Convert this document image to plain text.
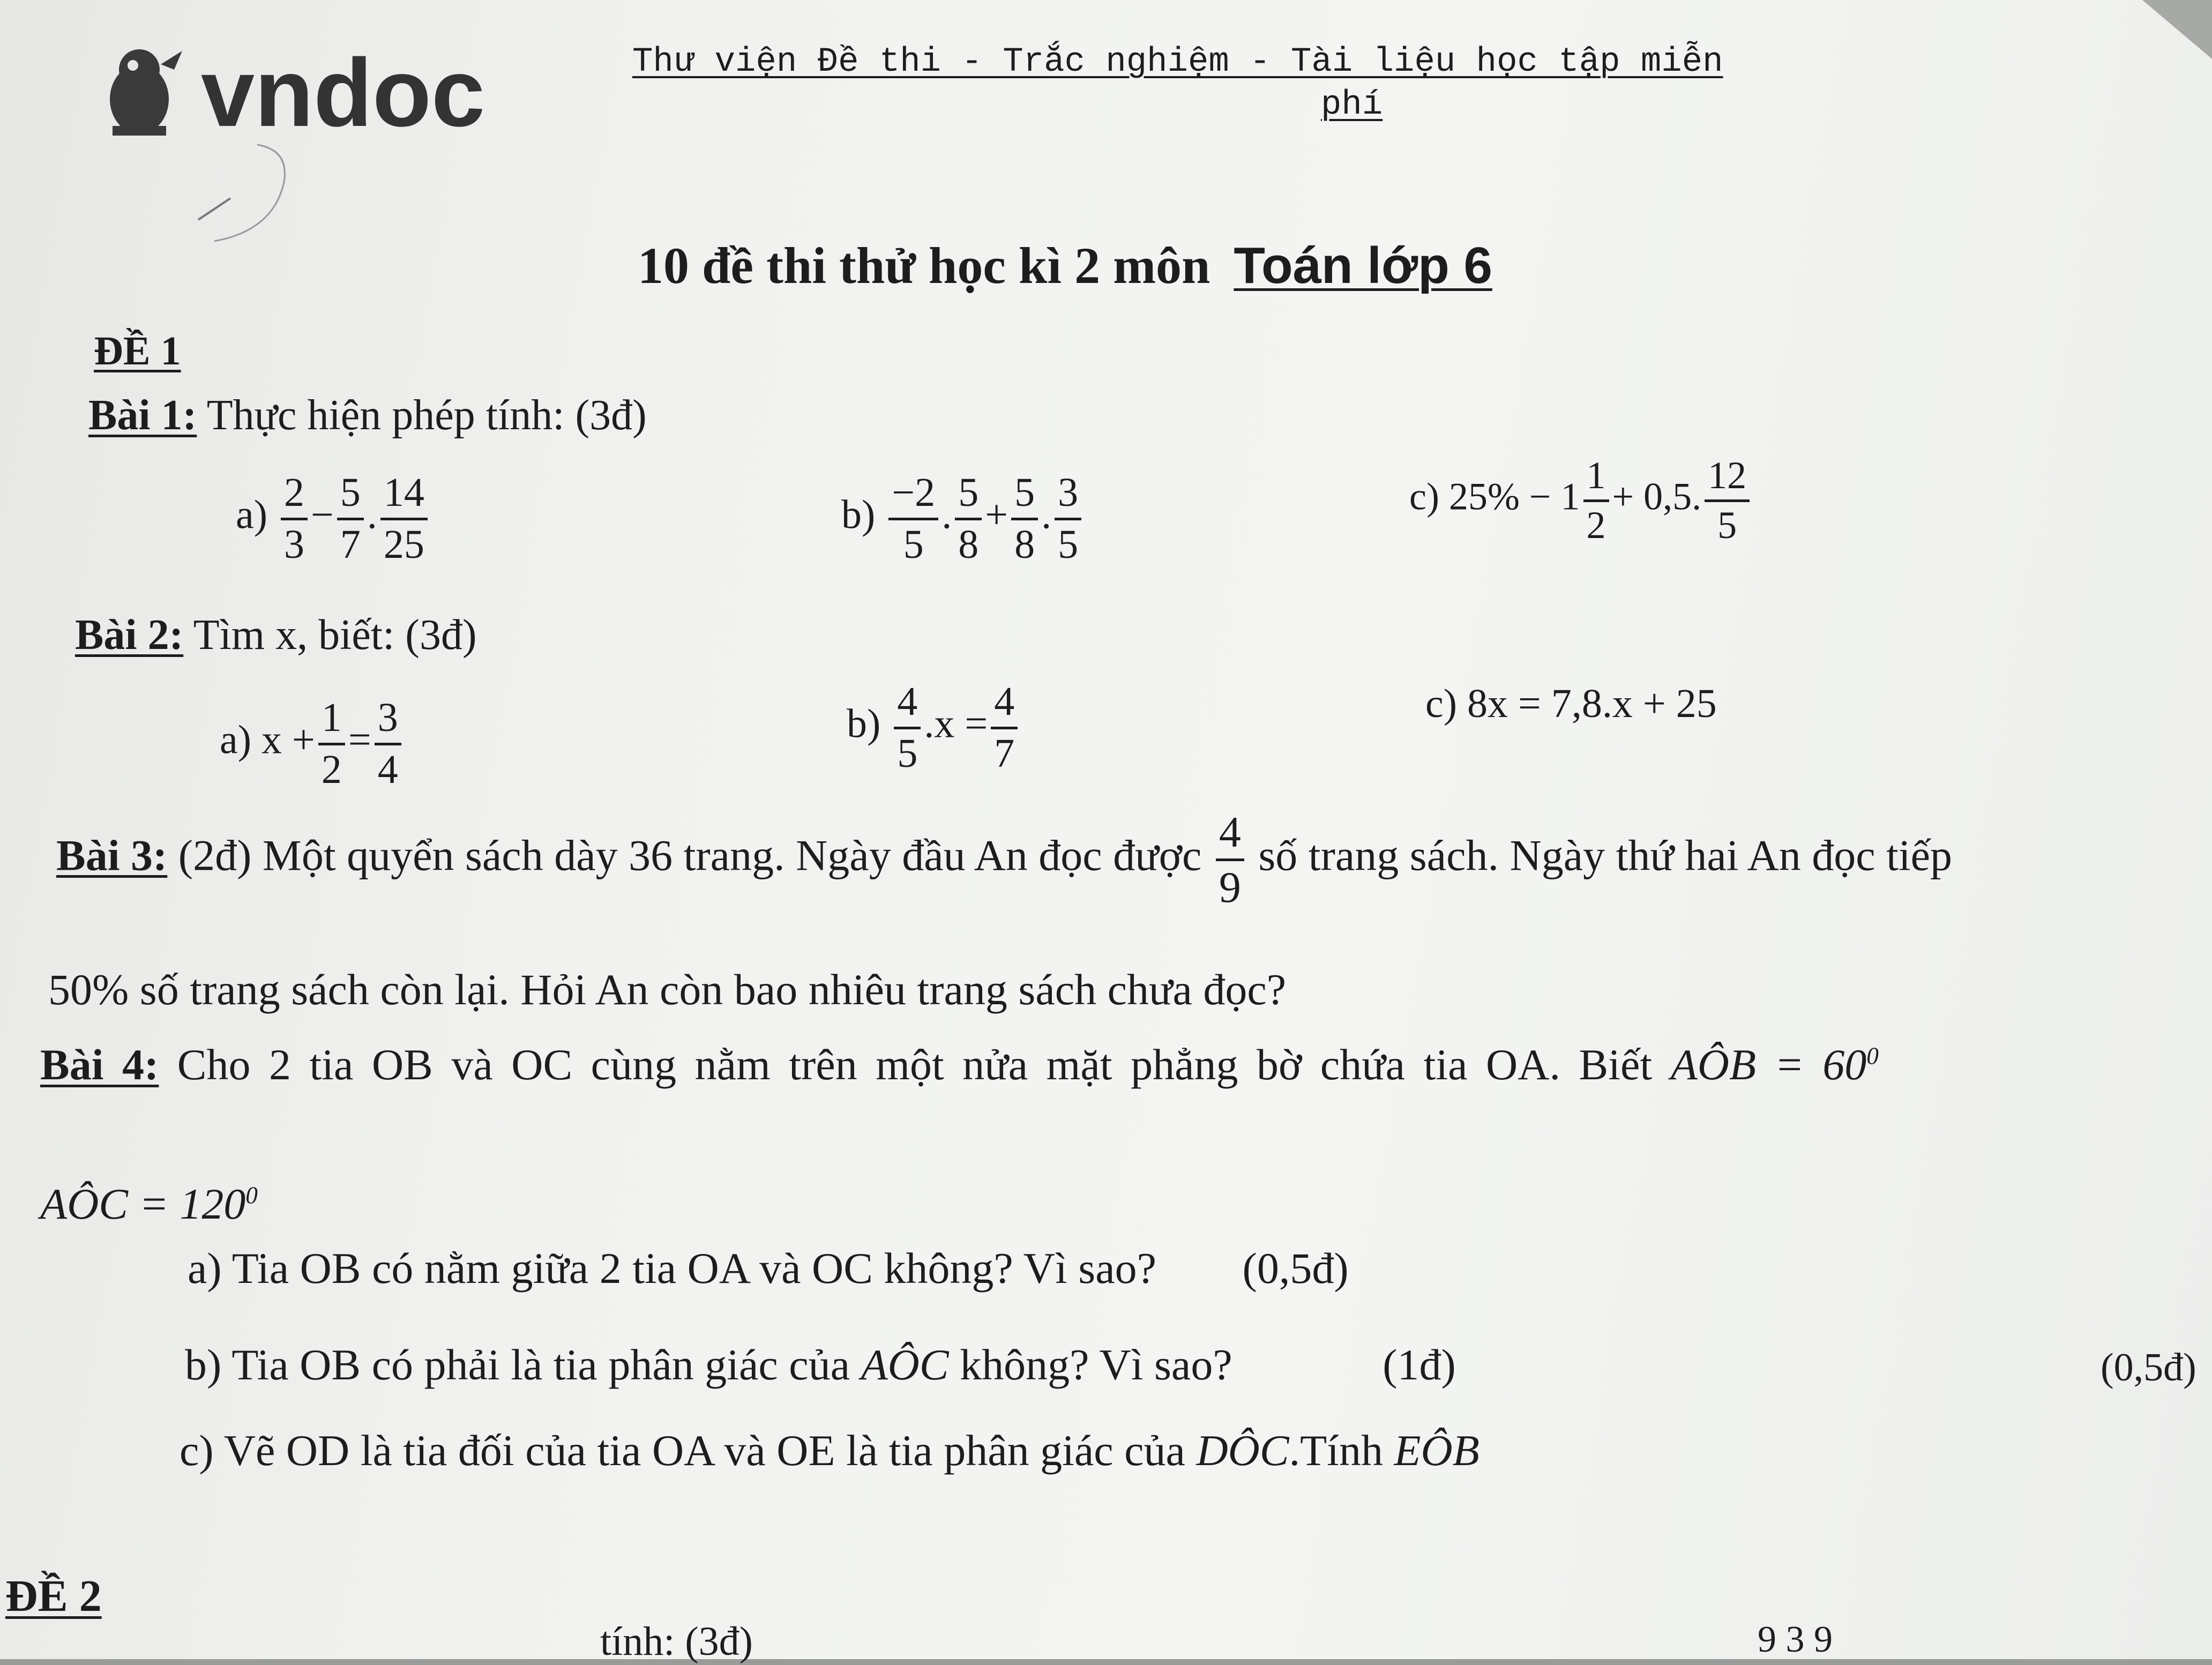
vndoc	Thư viện Đề thi - Trắc nghiệm - Tài liệu học tập miễn
phí
10 đề thi thử học kì 2 môn Toán lớp 6
ĐỀ 1
Bài 1: Thực hiện phép tính: (3đ)
$a) \frac{2}{3} - \frac{5}{7}$ . $\frac{14}{25}$	$b) \frac{-2}{5}$ . $\frac{5}{8} + \frac{5}{8}$ . $\frac{3}{5}$	c) $25\% - 1 \frac{1}{2} + 0,5$. $\frac{12}{5}$
Bài 2: Tìm x, biết: (3đ)
a) $x + \frac{1}{2} = \frac{3}{4}$	$b) \frac{4}{5} .x = \frac{4}{7}$	c) 8x = 7,8.x + 25
Bài 3: (2đ) Một quyển sách dày 36 trang. Ngày đầu An đọc được $\frac{4}{9}$ số trang sách. Ngày thứ hai An đọc tiếp
50% số trang sách còn lại. Hỏi An còn bao nhiêu trang sách chưa đọc?
Bài 4: Cho 2 tia OB và OC cùng nằm trên một nửa mặt phẳng bờ chứa tia OA. Biết AÔB = $60^0$
AÔC = $120^0$
a) Tia OB có nằm giữa 2 tia OA và OC không? Vì sao? (0,5đ)
b) Tia OB có phải là tia phân giác của AÔC không? Vì sao?	(1đ)	(0,5đ)
c) Vẽ OD là tia đối của tia OA và OE là tia phân giác của DÔC.Tính EÔB
ĐỀ 2
tính: (3đ)	9 3 9
